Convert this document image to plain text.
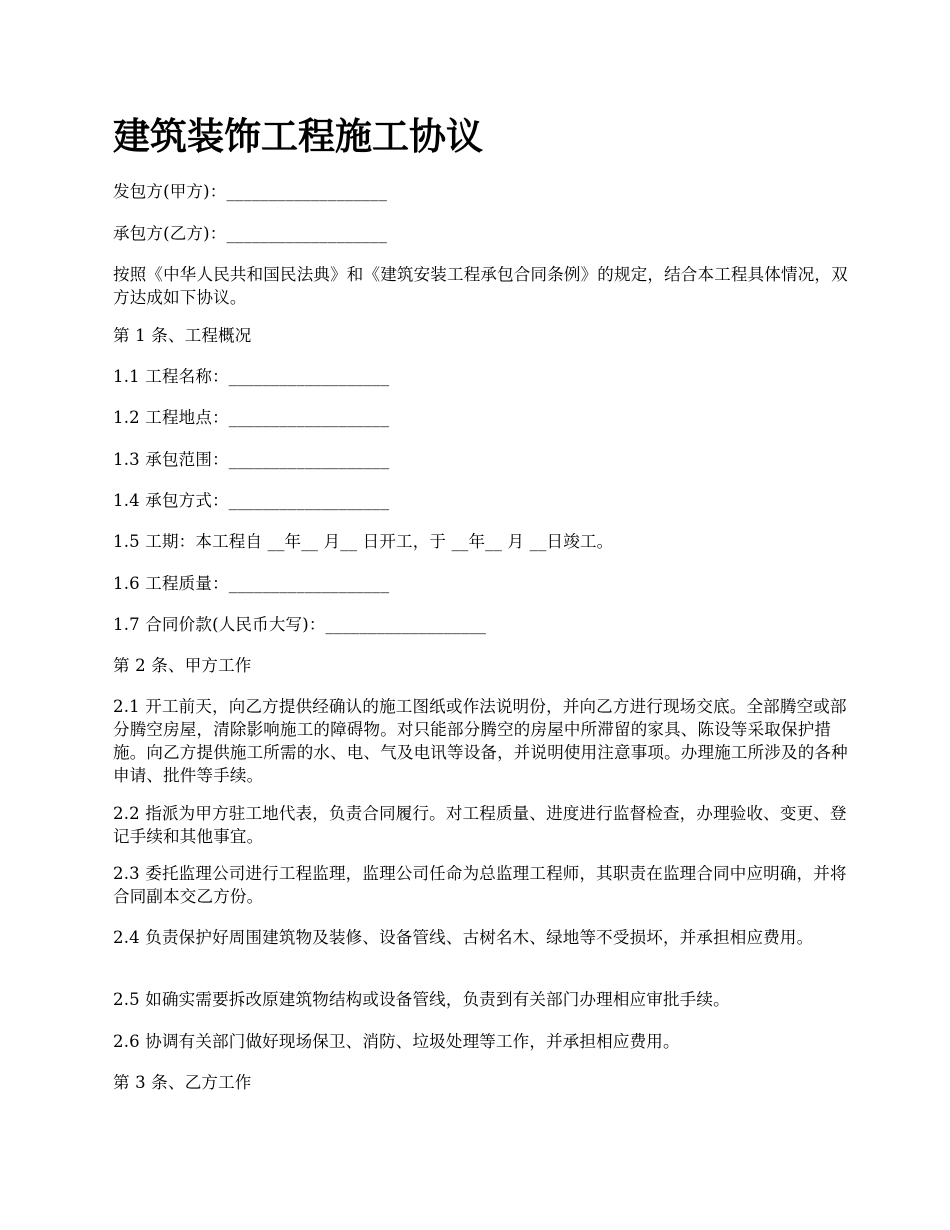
建筑装饰工程施工协议

发包方(甲方)：___________________

承包方(乙方)：___________________

按照《中华人民共和国民法典》和《建筑安装工程承包合同条例》的规定，结合本工程具体情况，双方达成如下协议。

第 1 条、工程概况

1.1 工程名称：___________________

1.2 工程地点：___________________

1.3 承包范围：___________________

1.4 承包方式：___________________

1.5 工期：本工程自 __年__ 月__ 日开工，于 __年__ 月 __日竣工。

1.6 工程质量：___________________

1.7 合同价款(人民币大写)：___________________

第 2 条、甲方工作

2.1 开工前天，向乙方提供经确认的施工图纸或作法说明份，并向乙方进行现场交底。全部腾空或部分腾空房屋，清除影响施工的障碍物。对只能部分腾空的房屋中所滞留的家具、陈设等采取保护措施。向乙方提供施工所需的水、电、气及电讯等设备，并说明使用注意事项。办理施工所涉及的各种申请、批件等手续。

2.2 指派为甲方驻工地代表，负责合同履行。对工程质量、进度进行监督检查，办理验收、变更、登记手续和其他事宜。

2.3 委托监理公司进行工程监理，监理公司任命为总监理工程师，其职责在监理合同中应明确，并将合同副本交乙方份。

2.4 负责保护好周围建筑物及装修、设备管线、古树名木、绿地等不受损坏，并承担相应费用。

2.5 如确实需要拆改原建筑物结构或设备管线，负责到有关部门办理相应审批手续。

2.6 协调有关部门做好现场保卫、消防、垃圾处理等工作，并承担相应费用。

第 3 条、乙方工作
